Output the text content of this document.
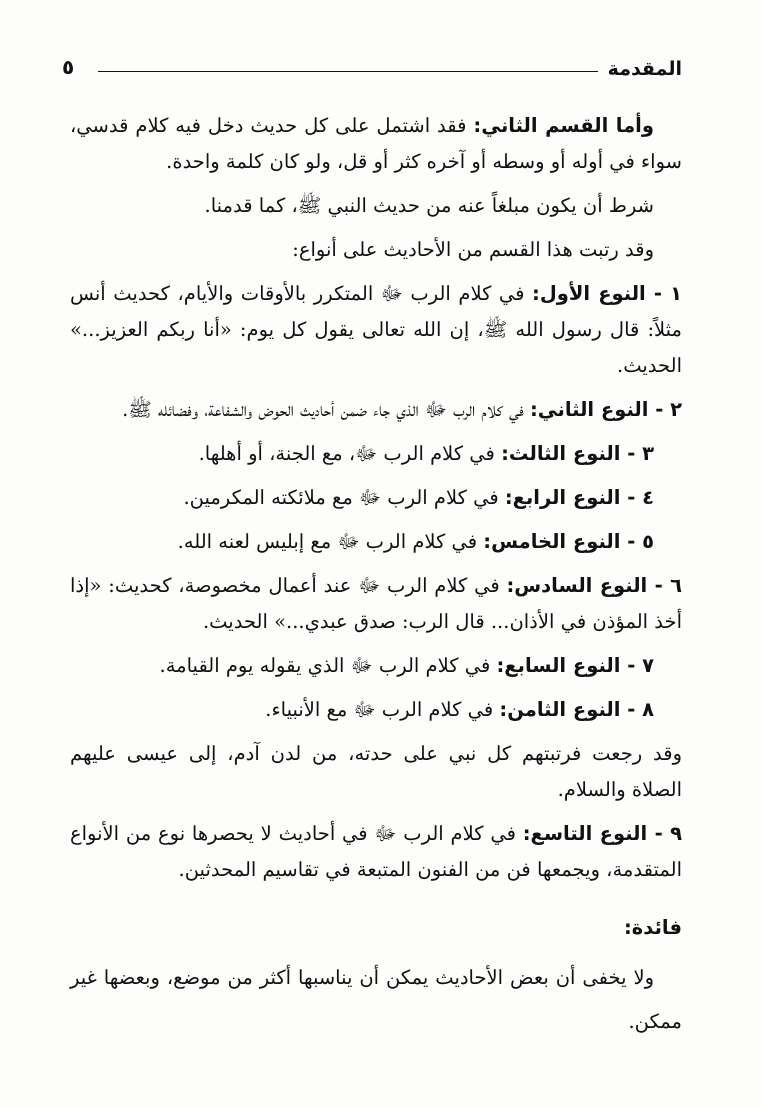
المقدمة
٥

وأما القسم الثاني: فقد اشتمل على كل حديث دخل فيه كلام قدسي، سواء في أوله أو وسطه أو آخره كثر أو قل، ولو كان كلمة واحدة.

شرط أن يكون مبلغاً عنه من حديث النبي ﷺ، كما قدمنا.

وقد رتبت هذا القسم من الأحاديث على أنواع:

١ - النوع الأول: في كلام الرب ﷻ المتكرر بالأوقات والأيام، كحديث أنس مثلاً: قال رسول الله ﷺ، إن الله تعالى يقول كل يوم: «أنا ربكم العزيز...» الحديث.

٢ - النوع الثاني: في كلام الرب ﷻ الذي جاء ضمن أحاديث الحوض والشفاعة، وفضائله ﷺ.

٣ - النوع الثالث: في كلام الرب ﷻ، مع الجنة، أو أهلها.

٤ - النوع الرابع: في كلام الرب ﷻ مع ملائكته المكرمين.

٥ - النوع الخامس: في كلام الرب ﷻ مع إبليس لعنه الله.

٦ - النوع السادس: في كلام الرب ﷻ عند أعمال مخصوصة، كحديث: «إذا أخذ المؤذن في الأذان... قال الرب: صدق عبدي...» الحديث.

٧ - النوع السابع: في كلام الرب ﷻ الذي يقوله يوم القيامة.

٨ - النوع الثامن: في كلام الرب ﷻ مع الأنبياء.

وقد رجعت فرتبتهم كل نبي على حدته، من لدن آدم، إلى عيسى عليهم الصلاة والسلام.

٩ - النوع التاسع: في كلام الرب ﷻ في أحاديث لا يحصرها نوع من الأنواع المتقدمة، ويجمعها فن من الفنون المتبعة في تقاسيم المحدثين.

فائدة:

ولا يخفى أن بعض الأحاديث يمكن أن يناسبها أكثر من موضع، وبعضها غير ممكن.
